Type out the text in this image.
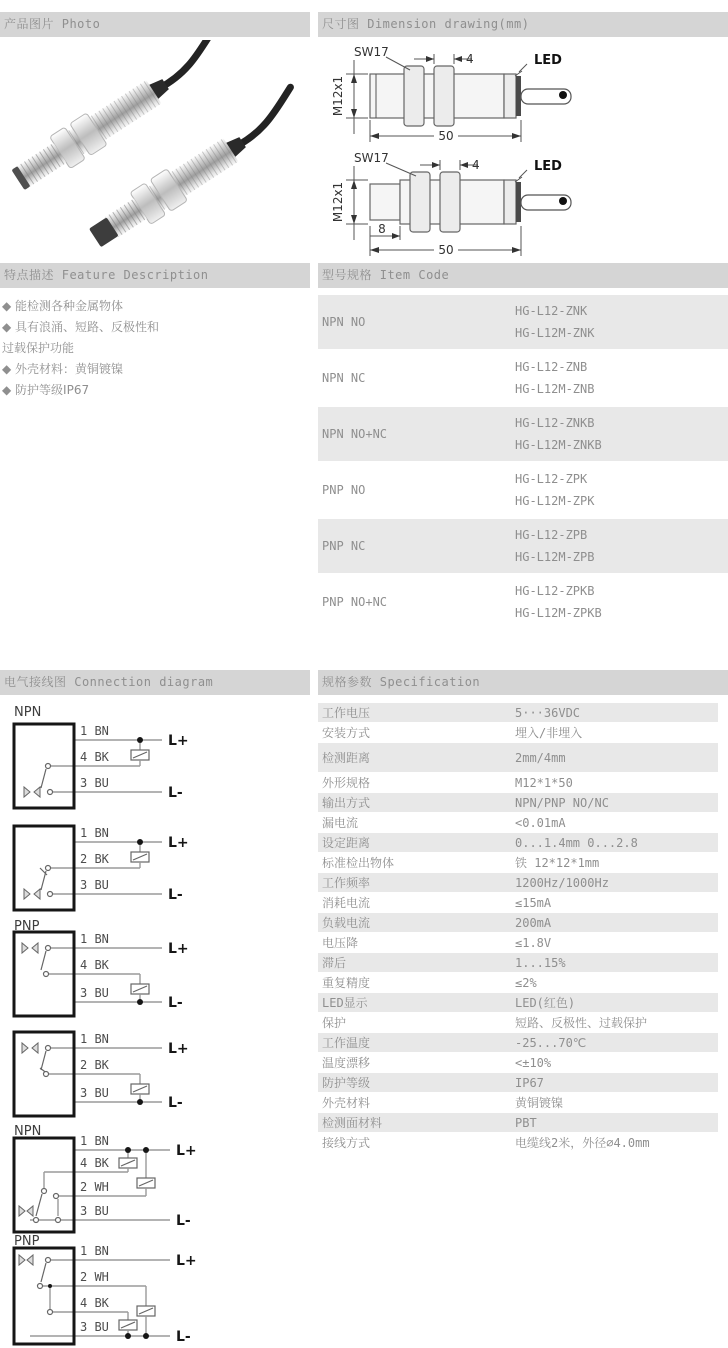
产品图片 Photo	尺寸图 Dimension drawing(mm)
LED
SW17	4
M12x1
50
LED
SW17	4
M12x1
8
50
特点描述 Feature Description	型号规格 Item Code
◆ 能检测各种金属物体
◆ 具有浪涌、短路、反极性和
过载保护功能
◆ 外壳材料：黄铜镀镍
◆ 防护等级IP67
NPN NO
HG-L12-ZNK
HG-L12M-ZNK
NPN NC
HG-L12-ZNB
HG-L12M-ZNB
NPN NO+NC
HG-L12-ZNKB
HG-L12M-ZNKB
PNP NO
HG-L12-ZPK
HG-L12M-ZPK
PNP NC
HG-L12-ZPB
HG-L12M-ZPB
PNP NO+NC
HG-L12-ZPKB
HG-L12M-ZPKB
电气接线图 Connection diagram	规格参数 Specification
工作电压	5···36VDC
安装方式	埋入/非埋入
检测距离	2mm/4mm
外形规格	M12*1*50
输出方式	NPN/PNP NO/NC
漏电流	<0.01mA
设定距离	0...1.4mm 0...2.8
标准检出物体	铁 12*12*1mm
工作频率	1200Hz/1000Hz
消耗电流	≤15mA
负载电流	200mA
电压降	≤1.8V
滞后	1...15%
重复精度	≤2%
LED显示	LED(红色)
保护	短路、反极性、过载保护
工作温度	-25...70℃
温度漂移	<±10%
防护等级	IP67
外壳材料	黄铜镀镍
检测面材料	PBT
接线方式	电缆线2米，外径∅4.0mm
NPN
1 BN
4 BK
3 BU
L+
L-
1 BN
2 BK
3 BU
L+
L-
PNP
1 BN
4 BK
3 BU
L+
L-
1 BN
2 BK
3 BU
L+
L-
NPN
1 BN
4 BK
2 WH
3 BU
L+
L-
PNP
1 BN
2 WH
4 BK
3 BU
L+
L-
